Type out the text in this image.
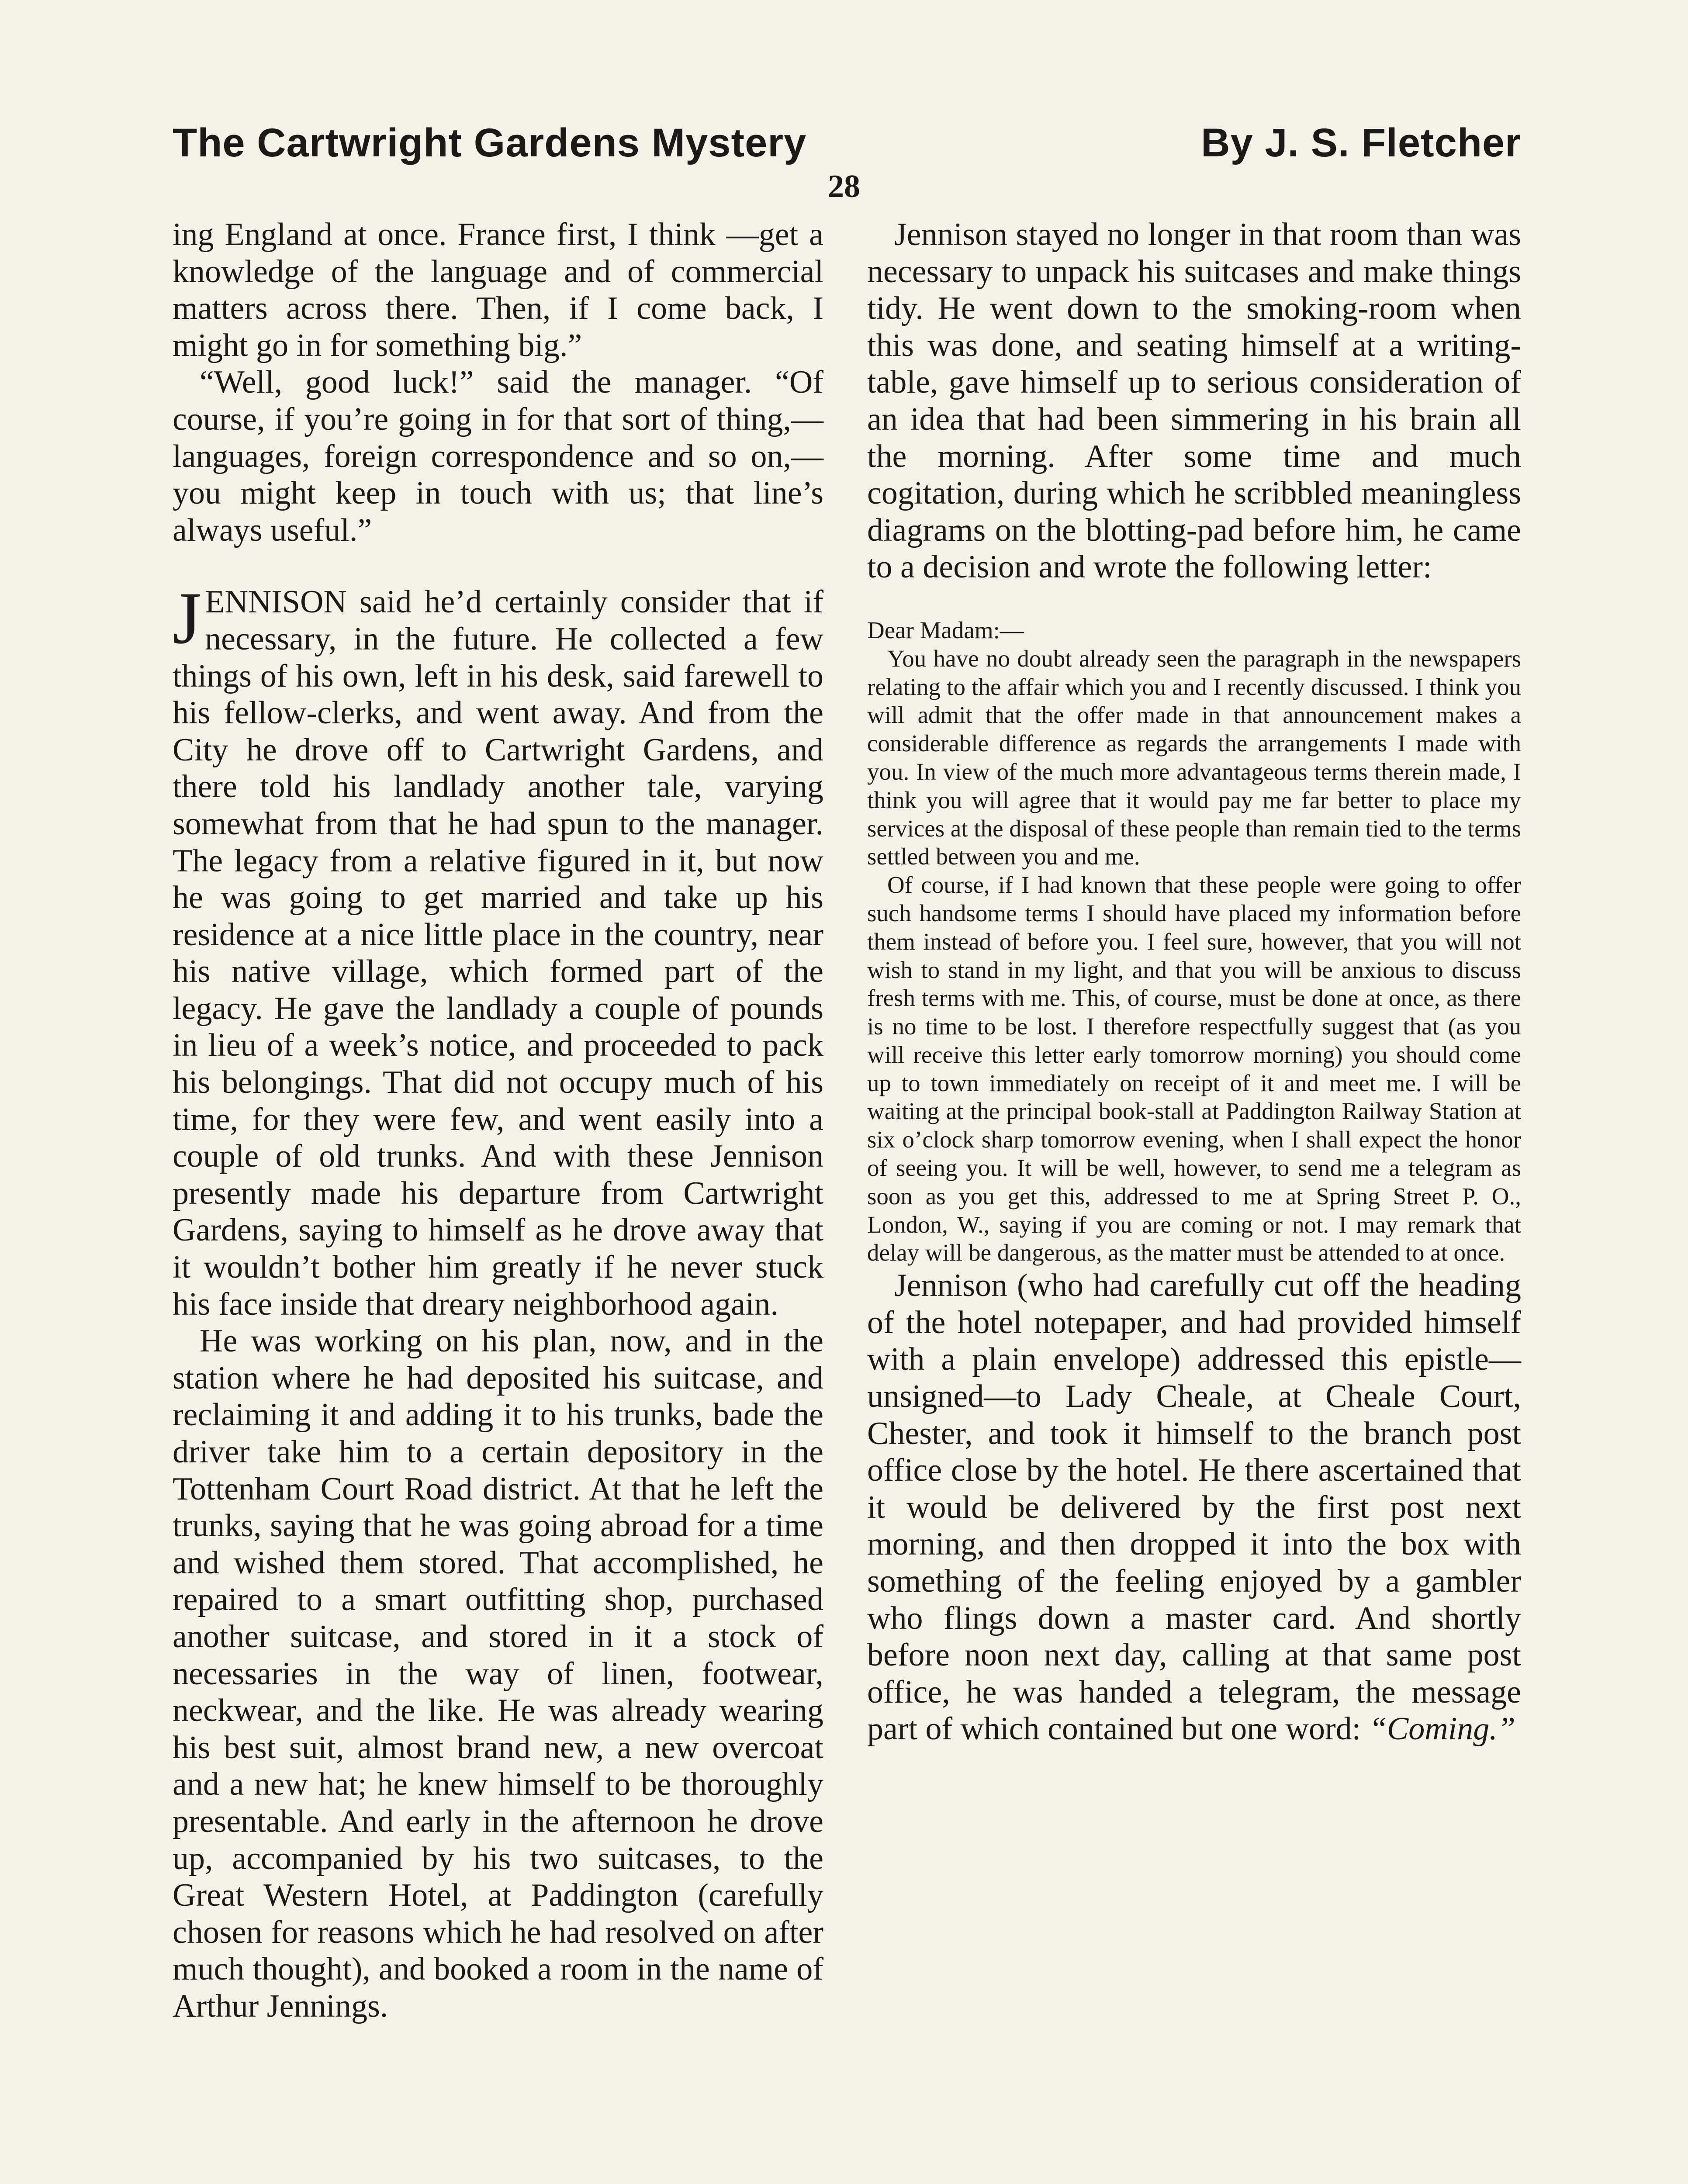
The Cartwright Gardens Mystery	By J. S. Fletcher
28

ing England at once. France first, I think —get a knowledge of the language and of commercial matters across there. Then, if I come back, I might go in for something big.”

“Well, good luck!” said the manager. “Of course, if you’re going in for that sort of thing,—languages, foreign correspondence and so on,—you might keep in touch with us; that line’s always useful.”

JENNISON said he’d certainly consider that if necessary, in the future. He collected a few things of his own, left in his desk, said farewell to his fellow-clerks, and went away. And from the City he drove off to Cartwright Gardens, and there told his landlady another tale, varying somewhat from that he had spun to the manager. The legacy from a relative figured in it, but now he was going to get married and take up his residence at a nice little place in the country, near his native village, which formed part of the legacy. He gave the landlady a couple of pounds in lieu of a week’s notice, and proceeded to pack his belongings. That did not occupy much of his time, for they were few, and went easily into a couple of old trunks. And with these Jennison presently made his departure from Cartwright Gardens, saying to himself as he drove away that it wouldn’t bother him greatly if he never stuck his face inside that dreary neighborhood again.

He was working on his plan, now, and in the station where he had deposited his suitcase, and reclaiming it and adding it to his trunks, bade the driver take him to a certain depository in the Tottenham Court Road district. At that he left the trunks, saying that he was going abroad for a time and wished them stored. That accomplished, he repaired to a smart outfitting shop, purchased another suitcase, and stored in it a stock of necessaries in the way of linen, footwear, neckwear, and the like. He was already wearing his best suit, almost brand new, a new overcoat and a new hat; he knew himself to be thoroughly presentable. And early in the afternoon he drove up, accompanied by his two suitcases, to the Great Western Hotel, at Paddington (carefully chosen for reasons which he had resolved on after much thought), and booked a room in the name of Arthur Jennings.

Jennison stayed no longer in that room than was necessary to unpack his suitcases and make things tidy. He went down to the smoking-room when this was done, and seating himself at a writing-table, gave himself up to serious consideration of an idea that had been simmering in his brain all the morning. After some time and much cogitation, during which he scribbled meaningless diagrams on the blotting-pad before him, he came to a decision and wrote the following letter:

Dear Madam:—

You have no doubt already seen the paragraph in the newspapers relating to the affair which you and I recently discussed. I think you will admit that the offer made in that announcement makes a considerable difference as regards the arrangements I made with you. In view of the much more advantageous terms therein made, I think you will agree that it would pay me far better to place my services at the disposal of these people than remain tied to the terms settled between you and me.

Of course, if I had known that these people were going to offer such handsome terms I should have placed my information before them instead of before you. I feel sure, however, that you will not wish to stand in my light, and that you will be anxious to discuss fresh terms with me. This, of course, must be done at once, as there is no time to be lost. I therefore respectfully suggest that (as you will receive this letter early tomorrow morning) you should come up to town immediately on receipt of it and meet me. I will be waiting at the principal book-stall at Paddington Railway Station at six o’clock sharp tomorrow evening, when I shall expect the honor of seeing you. It will be well, however, to send me a telegram as soon as you get this, addressed to me at Spring Street P. O., London, W., saying if you are coming or not. I may remark that delay will be dangerous, as the matter must be attended to at once.

Jennison (who had carefully cut off the heading of the hotel notepaper, and had provided himself with a plain envelope) addressed this epistle—unsigned—to Lady Cheale, at Cheale Court, Chester, and took it himself to the branch post office close by the hotel. He there ascertained that it would be delivered by the first post next morning, and then dropped it into the box with something of the feeling enjoyed by a gambler who flings down a master card. And shortly before noon next day, calling at that same post office, he was handed a telegram, the message part of which contained but one word: “Coming.”
